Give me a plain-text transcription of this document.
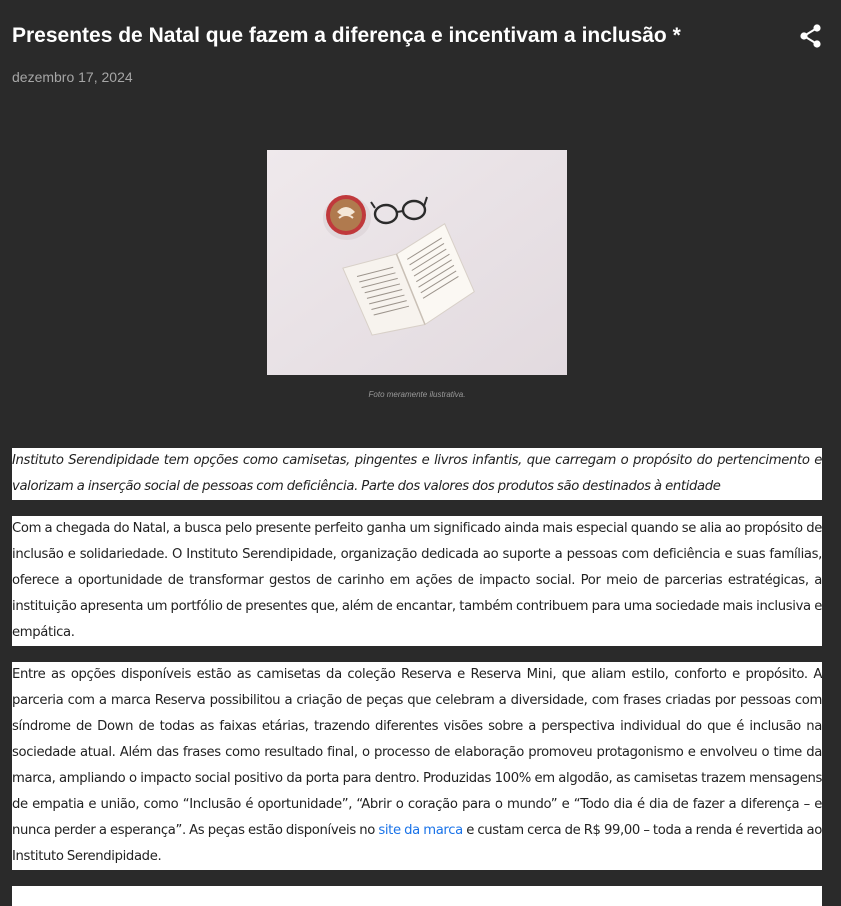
Presentes de Natal que fazem a diferença e incentivam a inclusão *
dezembro 17, 2024
Foto meramente ilustrativa.

Instituto Serendipidade tem opções como camisetas, pingentes e livros infantis, que carregam o propósito do pertencimento e valorizam a inserção social de pessoas com deficiência. Parte dos valores dos produtos são destinados à entidade

Com a chegada do Natal, a busca pelo presente perfeito ganha um significado ainda mais especial quando se alia ao propósito de inclusão e solidariedade. O Instituto Serendipidade, organização dedicada ao suporte a pessoas com deficiência e suas famílias, oferece a oportunidade de transformar gestos de carinho em ações de impacto social. Por meio de parcerias estratégicas, a instituição apresenta um portfólio de presentes que, além de encantar, também contribuem para uma sociedade mais inclusiva e empática.

Entre as opções disponíveis estão as camisetas da coleção Reserva e Reserva Mini, que aliam estilo, conforto e propósito. A parceria com a marca Reserva possibilitou a criação de peças que celebram a diversidade, com frases criadas por pessoas com síndrome de Down de todas as faixas etárias, trazendo diferentes visões sobre a perspectiva individual do que é inclusão na sociedade atual. Além das frases como resultado final, o processo de elaboração promoveu protagonismo e envolveu o time da marca, ampliando o impacto social positivo da porta para dentro. Produzidas 100% em algodão, as camisetas trazem mensagens de empatia e união, como “Inclusão é oportunidade”, “Abrir o coração para o mundo” e “Todo dia é dia de fazer a diferença – e nunca perder a esperança”. As peças estão disponíveis no site da marca e custam cerca de R$ 99,00 – toda a renda é revertida ao Instituto Serendipidade.
